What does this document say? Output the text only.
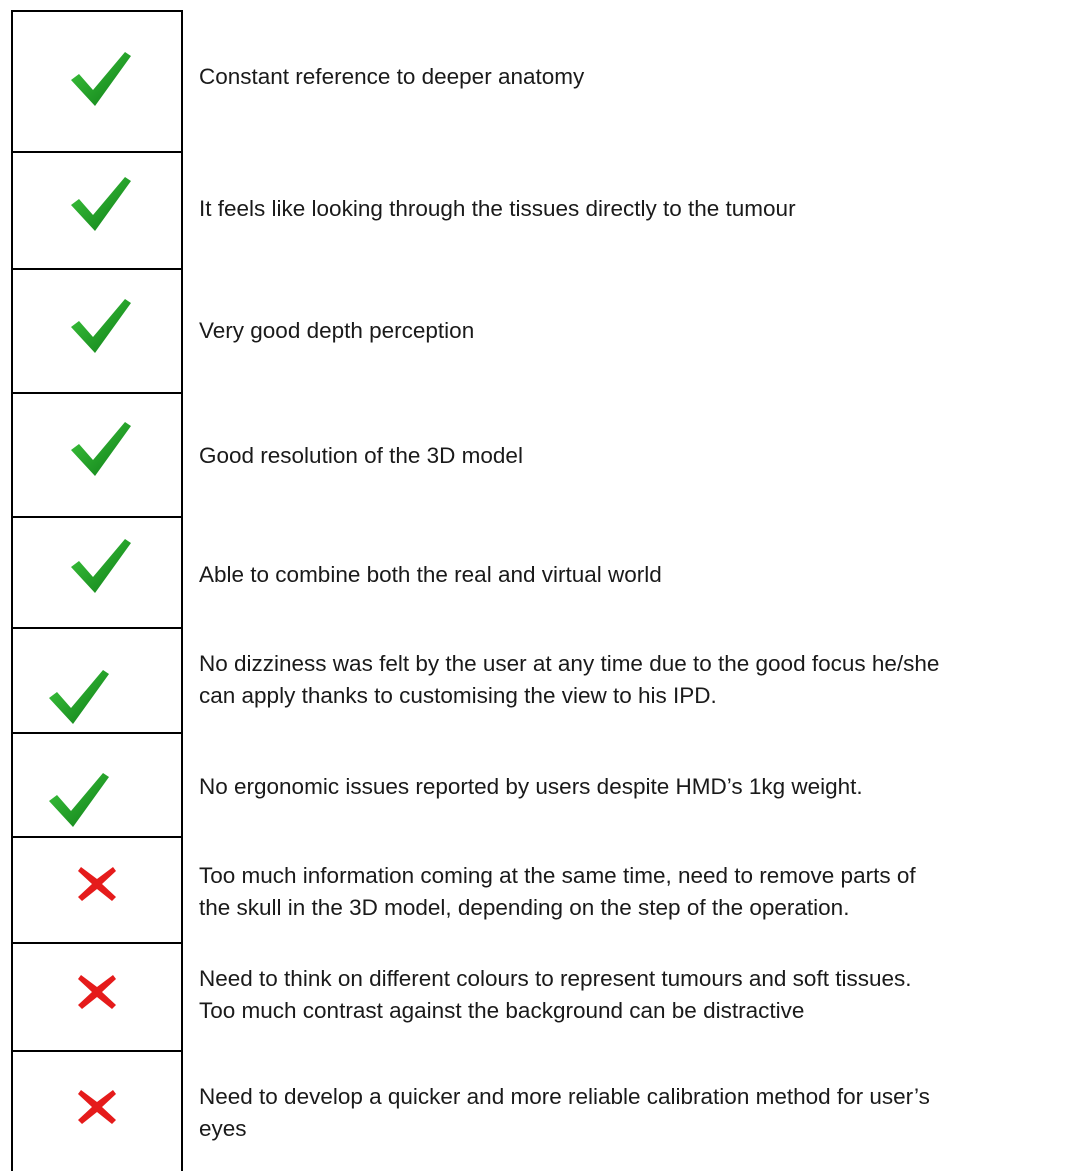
Constant reference to deeper anatomy
It feels like looking through the tissues directly to the tumour
Very good depth perception
Good resolution of the 3D model
Able to combine both the real and virtual world
No dizziness was felt by the user at any time due to the good focus he/she
can apply thanks to customising the view to his IPD.
No ergonomic issues reported by users despite HMD’s 1kg weight.
Too much information coming at the same time, need to remove parts of
the skull in the 3D model, depending on the step of the operation.
Need to think on different colours to represent tumours and soft tissues.
Too much contrast against the background can be distractive
Need to develop a quicker and more reliable calibration method for user’s
eyes
